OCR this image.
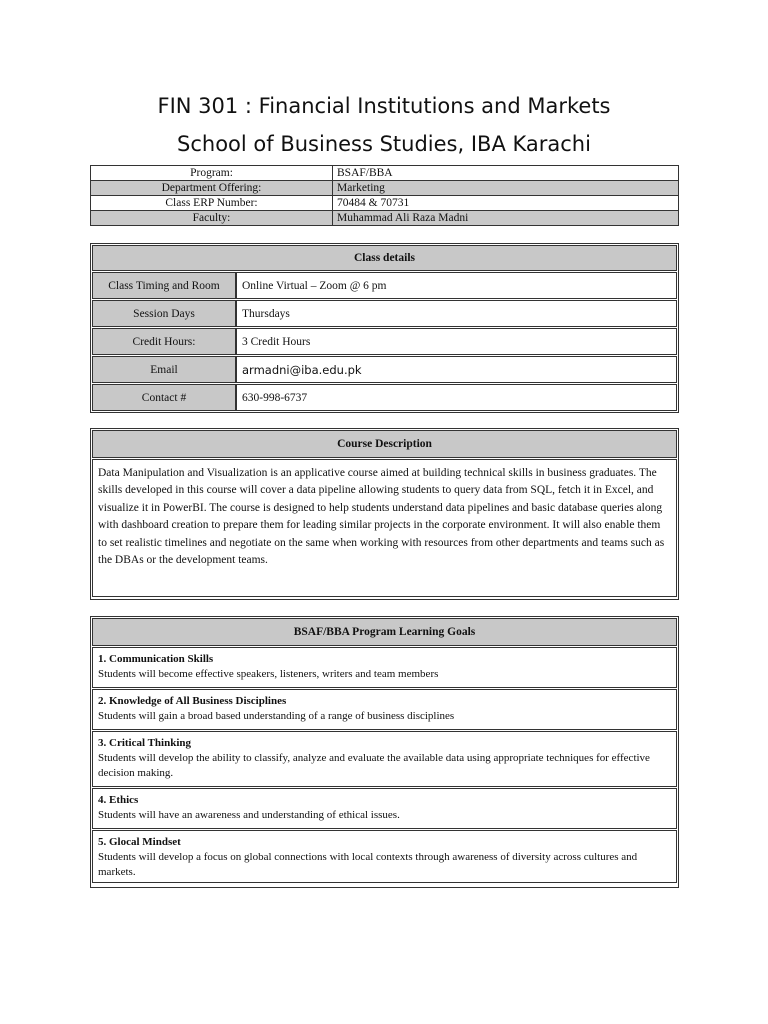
FIN 301 : Financial Institutions and Markets
School of Business Studies, IBA Karachi
Program:	BSAF/BBA
Department Offering:	Marketing
Class ERP Number:	70484 & 70731
Faculty:	Muhammad Ali Raza Madni
Class details
Class Timing and Room	Online Virtual – Zoom @ 6 pm
Session Days	Thursdays
Credit Hours:	3 Credit Hours
Email	armadni@iba.edu.pk
Contact #	630-998-6737
Course Description
Data Manipulation and Visualization is an applicative course aimed at building technical skills in business graduates. The skills developed in this course will cover a data pipeline allowing students to query data from SQL, fetch it in Excel, and visualize it in PowerBI. The course is designed to help students understand data pipelines and basic database queries along with dashboard creation to prepare them for leading similar projects in the corporate environment. It will also enable them to set realistic timelines and negotiate on the same when working with resources from other departments and teams such as the DBAs or the development teams.
BSAF/BBA Program Learning Goals
1. Communication Skills
Students will become effective speakers, listeners, writers and team members
2. Knowledge of All Business Disciplines
Students will gain a broad based understanding of a range of business disciplines
3. Critical Thinking
Students will develop the ability to classify, analyze and evaluate the available data using appropriate techniques for effective decision making.
4. Ethics
Students will have an awareness and understanding of ethical issues.
5. Glocal Mindset
Students will develop a focus on global connections with local contexts through awareness of diversity across cultures and markets.
